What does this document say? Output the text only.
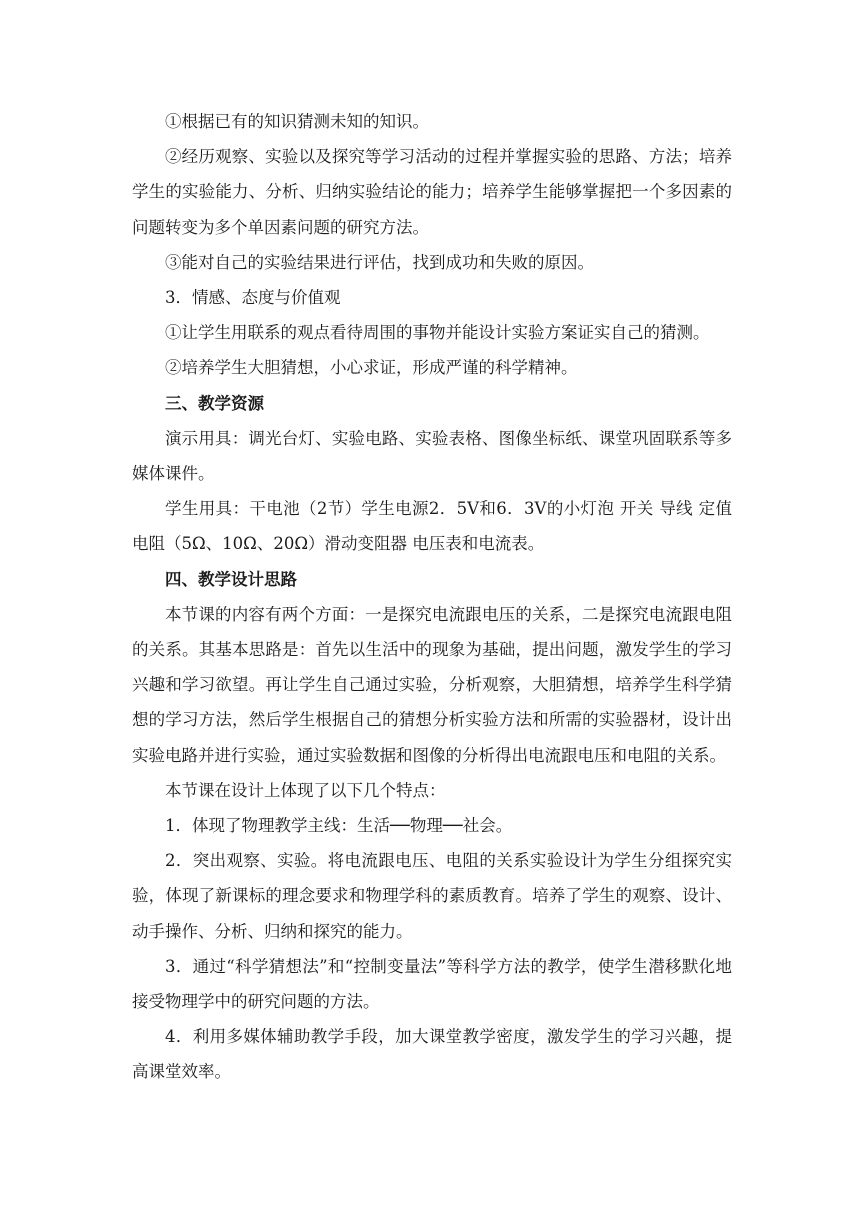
①根据已有的知识猜测未知的知识。

②经历观察、实验以及探究等学习活动的过程并掌握实验的思路、方法；培养学生的实验能力、分析、归纳实验结论的能力；培养学生能够掌握把一个多因素的问题转变为多个单因素问题的研究方法。

③能对自己的实验结果进行评估，找到成功和失败的原因。

3．情感、态度与价值观

①让学生用联系的观点看待周围的事物并能设计实验方案证实自己的猜测。

②培养学生大胆猜想，小心求证，形成严谨的科学精神。

三、教学资源

演示用具：调光台灯、实验电路、实验表格、图像坐标纸、课堂巩固联系等多媒体课件。

学生用具：干电池（2节）学生电源2．5V和6．3V的小灯泡 开关 导线 定值电阻（5Ω、10Ω、20Ω）滑动变阻器 电压表和电流表。

四、教学设计思路

本节课的内容有两个方面：一是探究电流跟电压的关系，二是探究电流跟电阻的关系。其基本思路是：首先以生活中的现象为基础，提出问题，激发学生的学习兴趣和学习欲望。再让学生自己通过实验，分析观察，大胆猜想，培养学生科学猜想的学习方法，然后学生根据自己的猜想分析实验方法和所需的实验器材，设计出实验电路并进行实验，通过实验数据和图像的分析得出电流跟电压和电阻的关系。

本节课在设计上体现了以下几个特点：

1．体现了物理教学主线：生活──物理──社会。

2．突出观察、实验。将电流跟电压、电阻的关系实验设计为学生分组探究实验，体现了新课标的理念要求和物理学科的素质教育。培养了学生的观察、设计、动手操作、分析、归纳和探究的能力。

3．通过“科学猜想法”和“控制变量法”等科学方法的教学，使学生潜移默化地接受物理学中的研究问题的方法。

4．利用多媒体辅助教学手段，加大课堂教学密度，激发学生的学习兴趣，提高课堂效率。
